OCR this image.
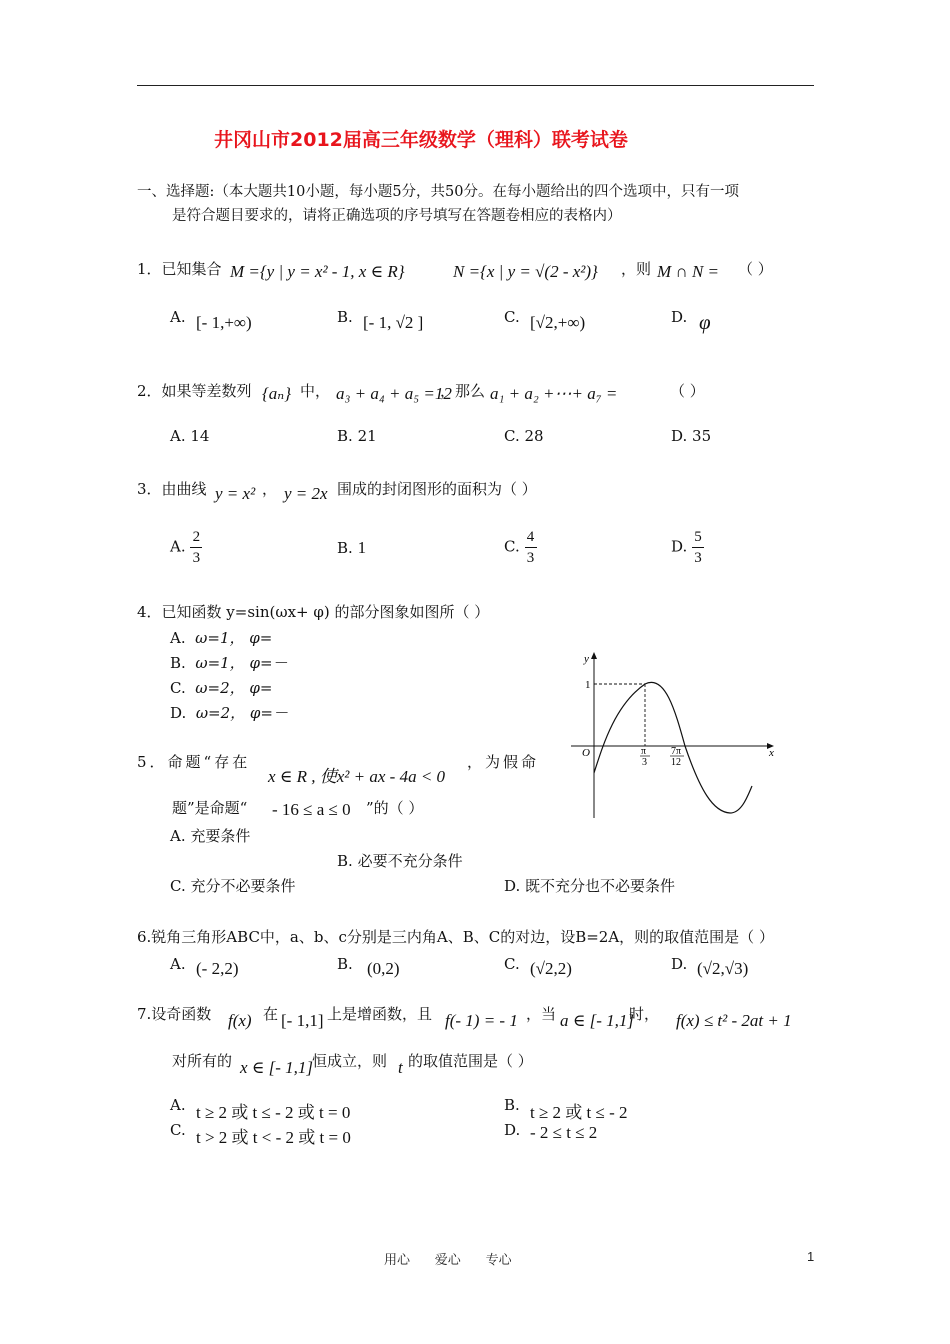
井冈山市2012届高三年级数学（理科）联考试卷
一、选择题:（本大题共10小题，每小题5分，共50分。在每小题给出的四个选项中，只有一项
是符合题目要求的，请将正确选项的序号填写在答题卷相应的表格内）
1．已知集合 M ={y | y = x² - 1, x ∈ R}	N ={x | y = √(2 - x²)} ，则 M ∩ N = （ ）
A. [- 1,+∞)	B. [- 1, √2 ]	C. [√2,+∞)	D. φ
2．如果等差数列 {aₙ} 中， a₃ + a₄ + a₅ =12
，那么 a₁ + a₂ +⋯+ a₇ =	（ ）
A. 14	B. 21	C. 28	D. 35
3．由曲线 y = x² ， y = 2x 围成的封闭图形的面积为（ ）
A. $\frac{2}{3}$	B. 1	C. $\frac{4}{3}$	D. $\frac{5}{3}$
4．已知函数 y=sin(ωx+ φ) 的部分图象如图所（ ）
A. ω=1， φ=
B. ω=1， φ=－
C. ω=2， φ=
D. ω=2， φ=－
y
x
O
1
π
3
7π
12
5．命题“存在
x ∈ R , 使x² + ax - 4a < 0
，为假命
题”是命题“ - 16 ≤ a ≤ 0 ”的（ ）
A. 充要条件
B. 必要不充分条件
C. 充分不必要条件	D. 既不充分也不必要条件
6.锐角三角形ABC中，a、b、c分别是三内角A、B、C的对边，设B=2A，则的取值范围是（ ）
A. (- 2,2)	B. (0,2)	C. (√2,2)	D. (√2,√3)
7.设奇函数 f(x) 在 [- 1,1] 上是增函数，且 f(- 1) = - 1 ，当 a ∈ [- 1,1]
时， f(x) ≤ t² - 2at + 1
对所有的 x ∈ [- 1,1]
恒成立，则 t 的取值范围是（ ）
A. t ≥ 2 或 t ≤ - 2 或 t = 0	B. t ≥ 2 或 t ≤ - 2
C. t > 2 或 t < - 2 或 t = 0	D. - 2 ≤ t ≤ 2
用心      爱心      专心	1
